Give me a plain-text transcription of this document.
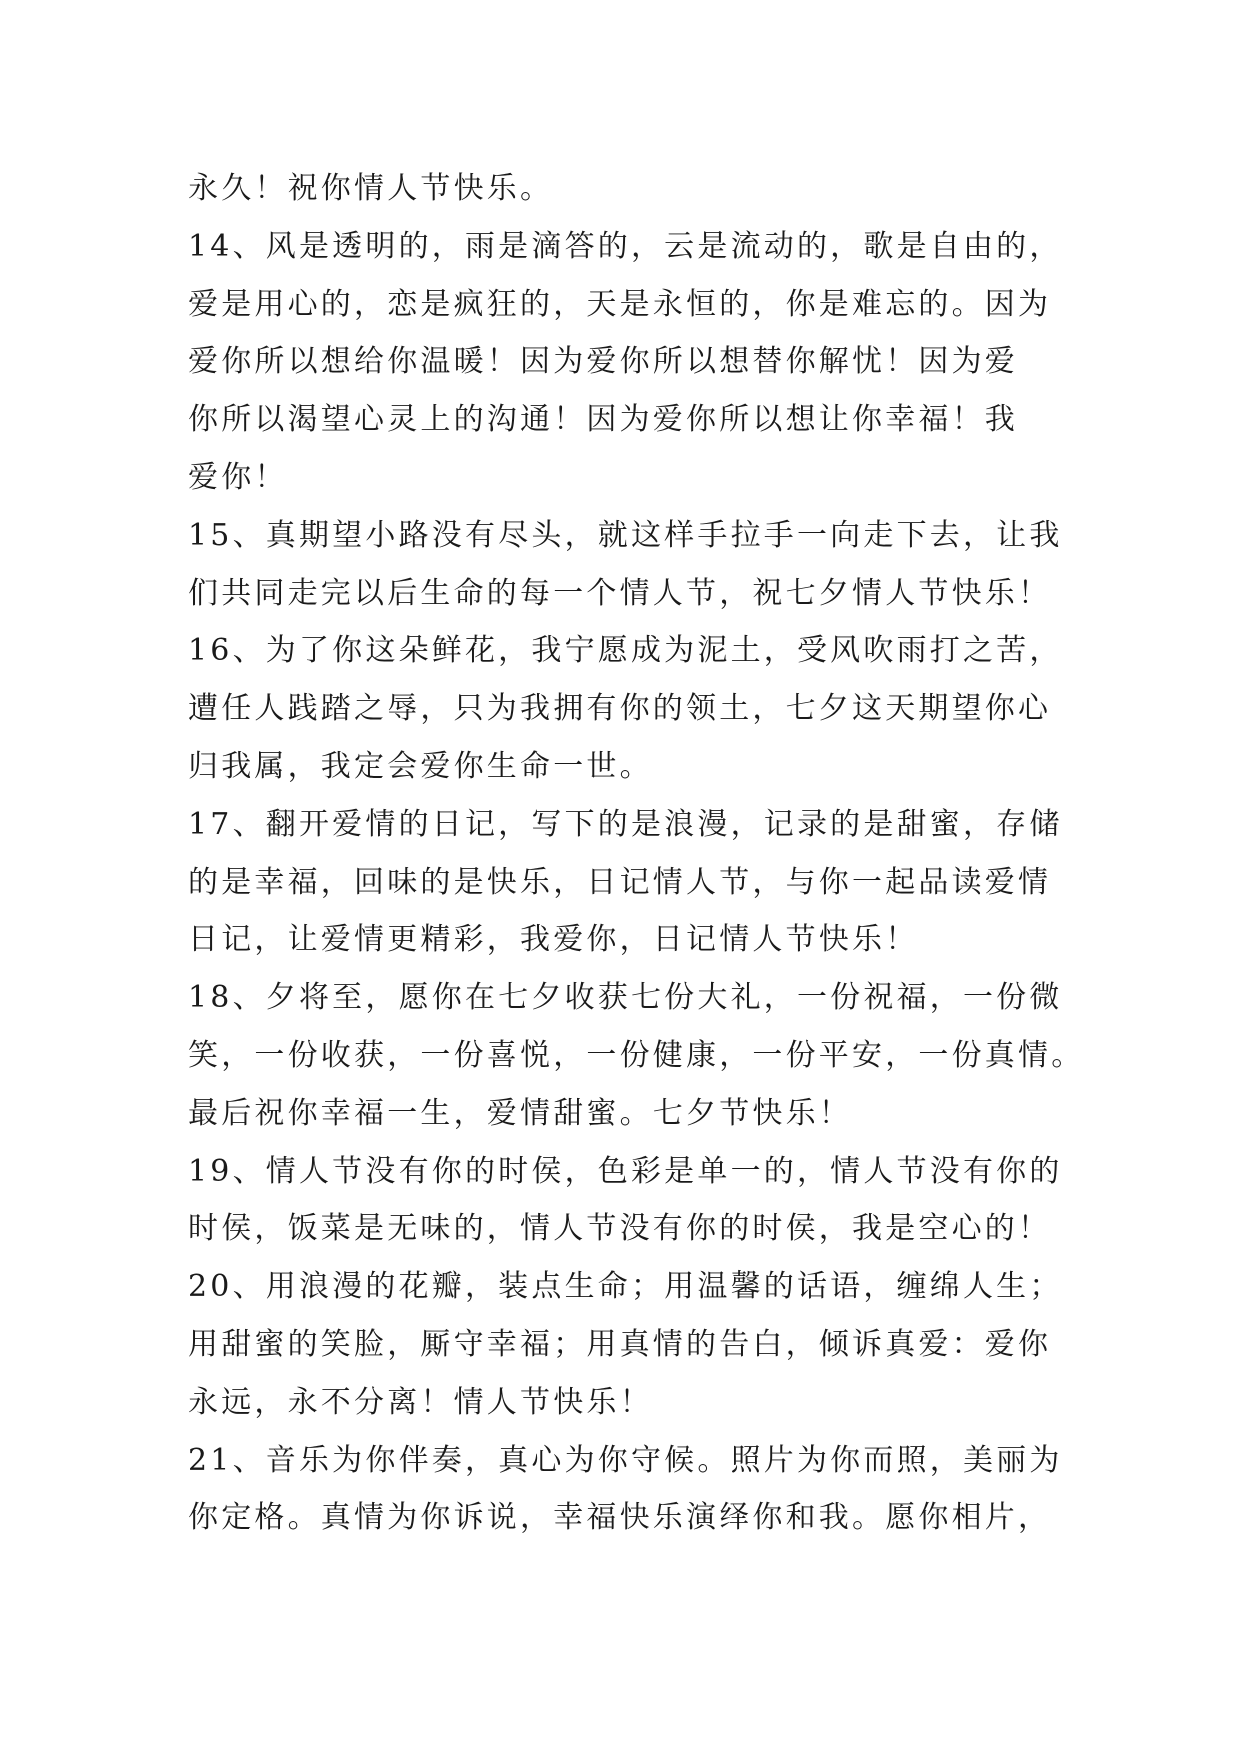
永久！祝你情人节快乐。
14、风是透明的，雨是滴答的，云是流动的，歌是自由的，
爱是用心的，恋是疯狂的，天是永恒的，你是难忘的。因为
爱你所以想给你温暖！因为爱你所以想替你解忧！因为爱
你所以渴望心灵上的沟通！因为爱你所以想让你幸福！我
爱你！
15、真期望小路没有尽头，就这样手拉手一向走下去，让我
们共同走完以后生命的每一个情人节，祝七夕情人节快乐！
16、为了你这朵鲜花，我宁愿成为泥土，受风吹雨打之苦，
遭任人践踏之辱，只为我拥有你的领土，七夕这天期望你心
归我属，我定会爱你生命一世。
17、翻开爱情的日记，写下的是浪漫，记录的是甜蜜，存储
的是幸福，回味的是快乐，日记情人节，与你一起品读爱情
日记，让爱情更精彩，我爱你，日记情人节快乐！
18、夕将至，愿你在七夕收获七份大礼，一份祝福，一份微
笑，一份收获，一份喜悦，一份健康，一份平安，一份真情。
最后祝你幸福一生，爱情甜蜜。七夕节快乐！
19、情人节没有你的时侯，色彩是单一的，情人节没有你的
时侯，饭菜是无味的，情人节没有你的时侯，我是空心的！
20、用浪漫的花瓣，装点生命；用温馨的话语，缠绵人生；
用甜蜜的笑脸，厮守幸福；用真情的告白，倾诉真爱：爱你
永远，永不分离！情人节快乐！
21、音乐为你伴奏，真心为你守候。照片为你而照，美丽为
你定格。真情为你诉说，幸福快乐演绎你和我。愿你相片，
